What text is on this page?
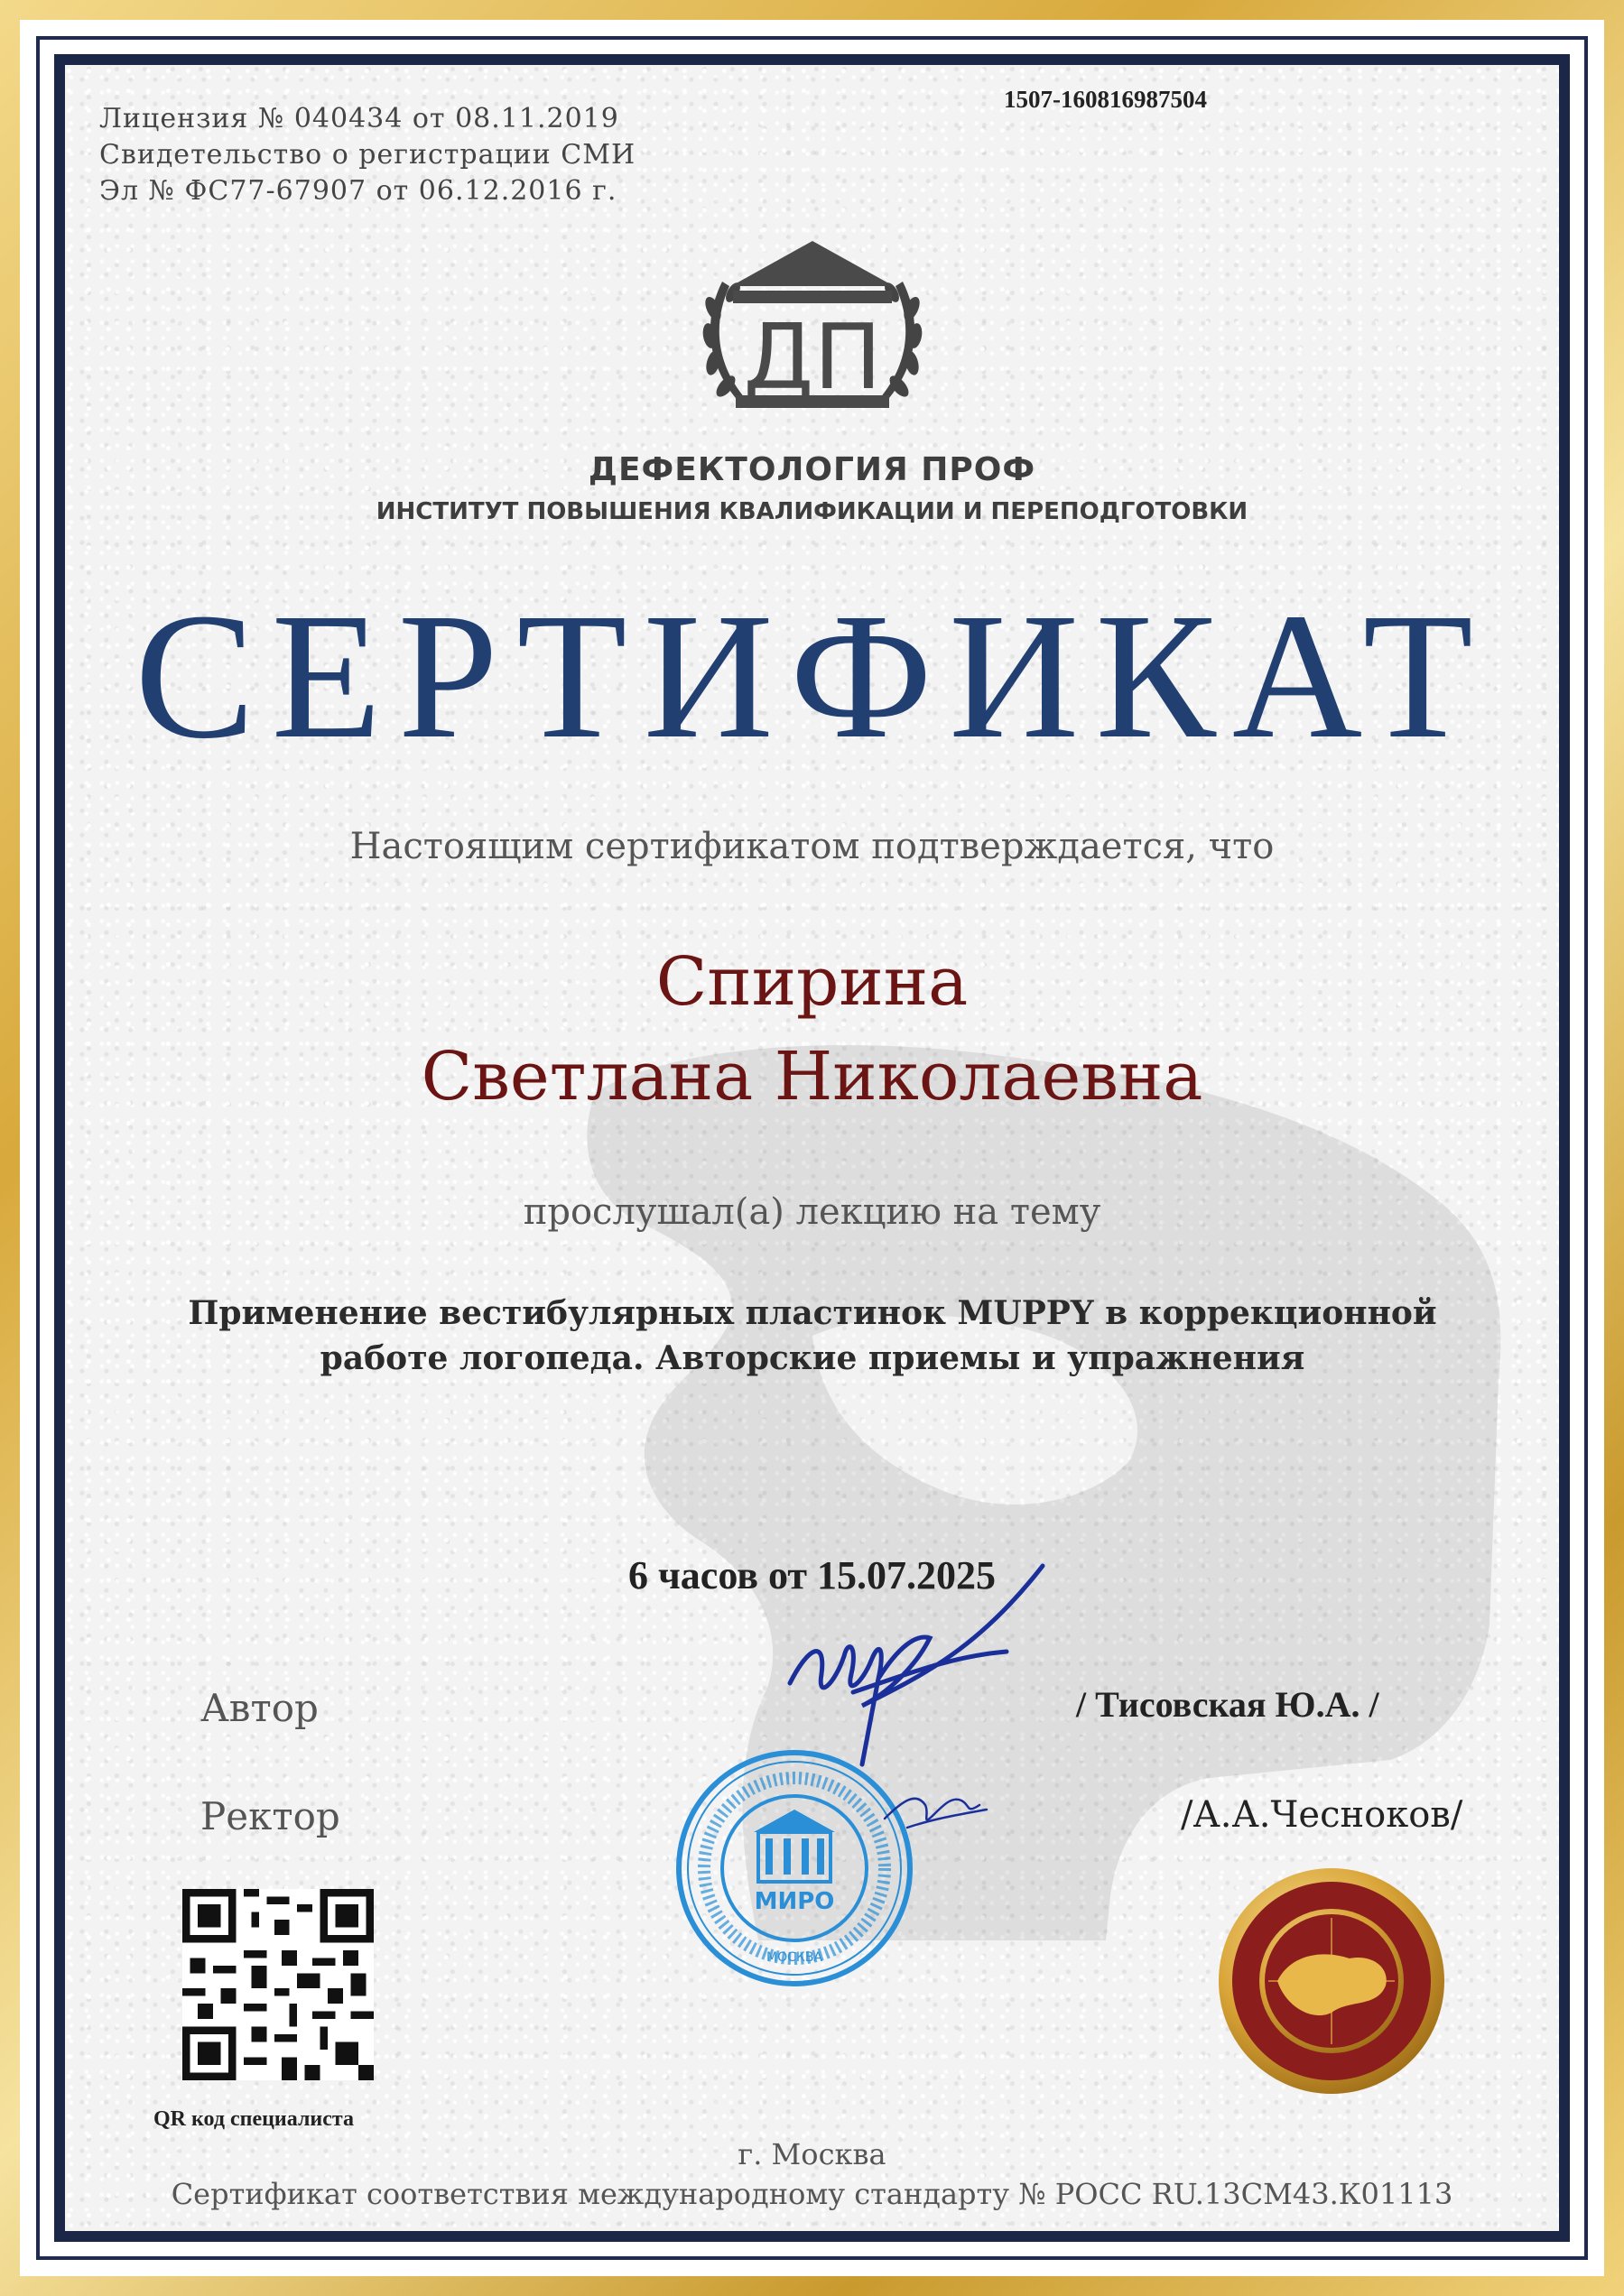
Лицензия № 040434 от 08.11.2019
Свидетельство о регистрации СМИ
Эл № ФС77-67907 от 06.12.2016 г.
1507-160816987504
ДП
ДЕФЕКТОЛОГИЯ ПРОФ
ИНСТИТУТ ПОВЫШЕНИЯ КВАЛИФИКАЦИИ И ПЕРЕПОДГОТОВКИ
СЕРТИФИКАТ
Настоящим сертификатом подтверждается, что
Спирина
Светлана Николаевна
прослушал(а) лекцию на тему
Применение вестибулярных пластинок MUPPY в коррекционной
работе логопеда. Авторские приемы и упражнения
6 часов от 15.07.2025
Автор	/ Тисовская Ю.А. /
Ректор	/А.А.Чесноков/
МИРО
МОСКВА
QR код специалиста
г. Москва
Сертификат соответствия международному стандарту № РОСС RU.13СМ43.К01113
